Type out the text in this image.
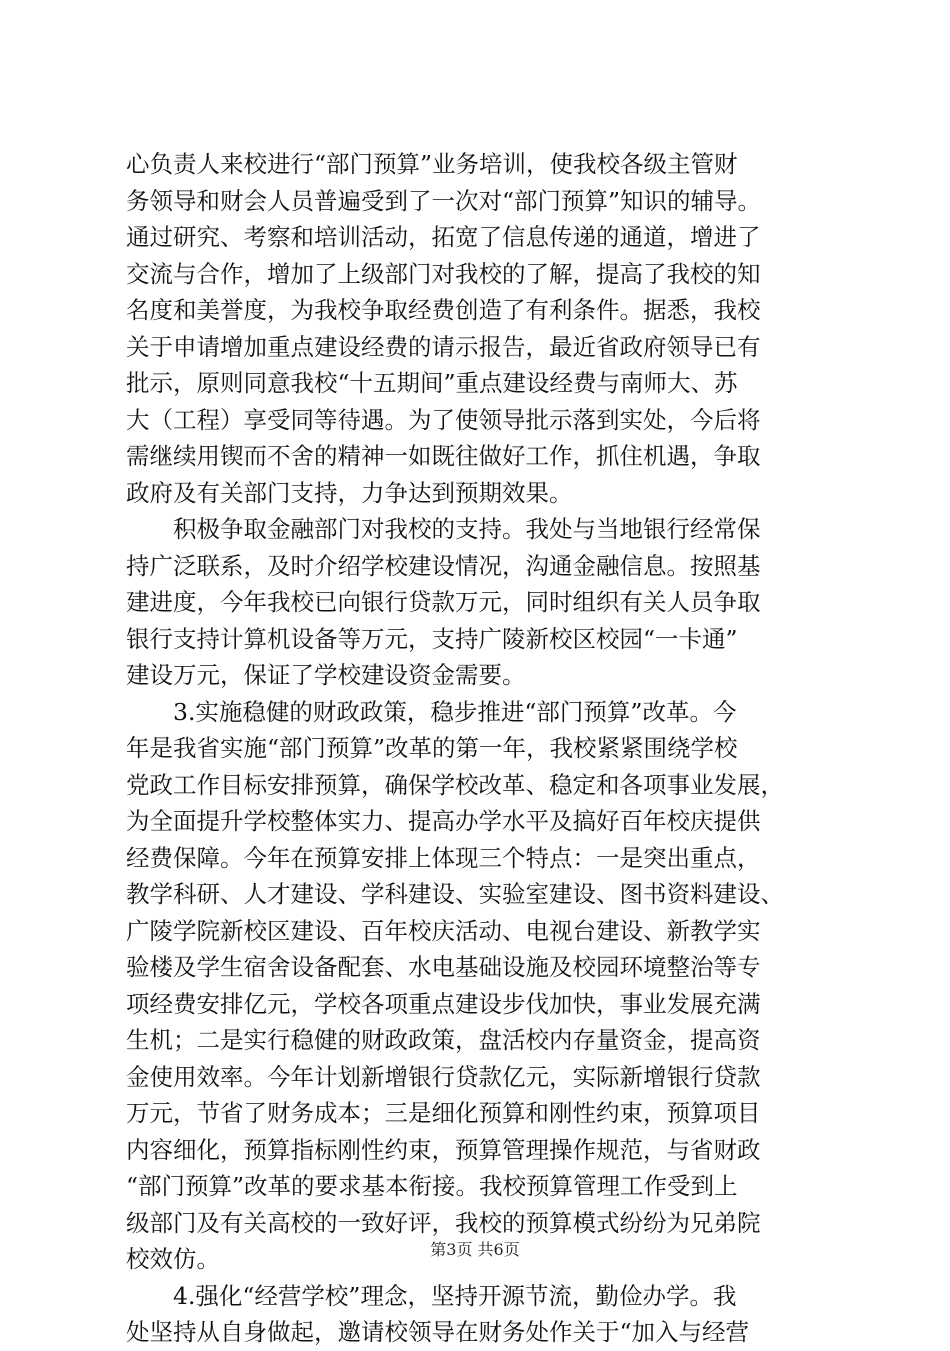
心负责人来校进行“部门预算”业务培训，使我校各级主管财
务领导和财会人员普遍受到了一次对“部门预算”知识的辅导。
通过研究、考察和培训活动，拓宽了信息传递的通道，增进了
交流与合作，增加了上级部门对我校的了解，提高了我校的知
名度和美誉度，为我校争取经费创造了有利条件。据悉，我校
关于申请增加重点建设经费的请示报告，最近省政府领导已有
批示，原则同意我校“十五期间”重点建设经费与南师大、苏
大（工程）享受同等待遇。为了使领导批示落到实处，今后将
需继续用锲而不舍的精神一如既往做好工作，抓住机遇，争取
政府及有关部门支持，力争达到预期效果。
　　积极争取金融部门对我校的支持。我处与当地银行经常保
持广泛联系，及时介绍学校建设情况，沟通金融信息。按照基
建进度，今年我校已向银行贷款万元，同时组织有关人员争取
银行支持计算机设备等万元，支持广陵新校区校园“一卡通”
建设万元，保证了学校建设资金需要。
　　3.实施稳健的财政政策，稳步推进“部门预算”改革。今
年是我省实施“部门预算”改革的第一年，我校紧紧围绕学校
党政工作目标安排预算，确保学校改革、稳定和各项事业发展，
为全面提升学校整体实力、提高办学水平及搞好百年校庆提供
经费保障。今年在预算安排上体现三个特点：一是突出重点，
教学科研、人才建设、学科建设、实验室建设、图书资料建设、
广陵学院新校区建设、百年校庆活动、电视台建设、新教学实
验楼及学生宿舍设备配套、水电基础设施及校园环境整治等专
项经费安排亿元，学校各项重点建设步伐加快，事业发展充满
生机；二是实行稳健的财政政策，盘活校内存量资金，提高资
金使用效率。今年计划新增银行贷款亿元，实际新增银行贷款
万元，节省了财务成本；三是细化预算和刚性约束，预算项目
内容细化，预算指标刚性约束，预算管理操作规范，与省财政
“部门预算”改革的要求基本衔接。我校预算管理工作受到上
级部门及有关高校的一致好评，我校的预算模式纷纷为兄弟院
校效仿。
　　4.强化“经营学校”理念，坚持开源节流，勤俭办学。我
处坚持从自身做起，邀请校领导在财务处作关于“加入与经营
第3页 共6页
